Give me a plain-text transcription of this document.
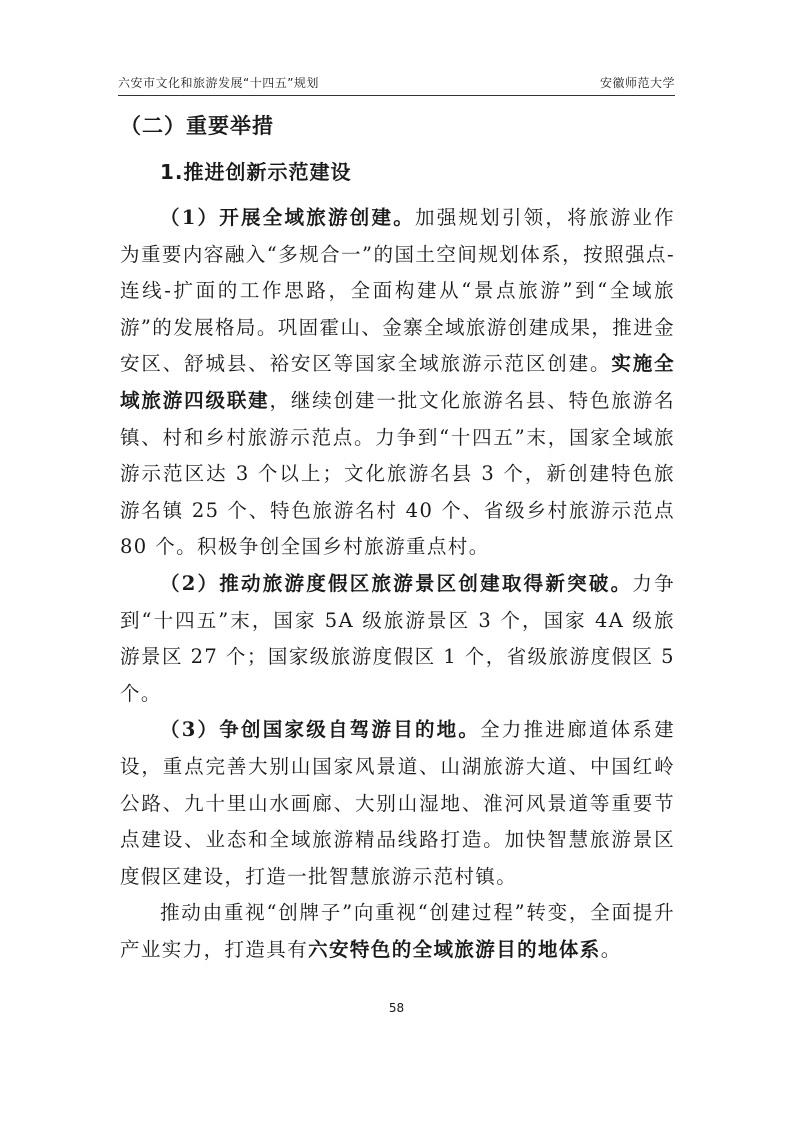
六安市文化和旅游发展“十四五”规划	安徽师范大学
（二）重要举措
1.推进创新示范建设

（1）开展全域旅游创建。加强规划引领，将旅游业作为重要内容融入“多规合一”的国土空间规划体系，按照强点-连线-扩面的工作思路，全面构建从“景点旅游”到“全域旅游”的发展格局。巩固霍山、金寨全域旅游创建成果，推进金安区、舒城县、裕安区等国家全域旅游示范区创建。实施全域旅游四级联建，继续创建一批文化旅游名县、特色旅游名镇、村和乡村旅游示范点。力争到“十四五”末，国家全域旅游示范区达 3 个以上；文化旅游名县 3 个，新创建特色旅游名镇 25 个、特色旅游名村 40 个、省级乡村旅游示范点 80 个。积极争创全国乡村旅游重点村。

（2）推动旅游度假区旅游景区创建取得新突破。力争到“十四五”末，国家 5A 级旅游景区 3 个，国家 4A 级旅游景区 27 个；国家级旅游度假区 1 个，省级旅游度假区 5 个。

（3）争创国家级自驾游目的地。全力推进廊道体系建设，重点完善大别山国家风景道、山湖旅游大道、中国红岭公路、九十里山水画廊、大别山湿地、淮河风景道等重要节点建设、业态和全域旅游精品线路打造。加快智慧旅游景区度假区建设，打造一批智慧旅游示范村镇。

推动由重视“创牌子”向重视“创建过程”转变，全面提升产业实力，打造具有六安特色的全域旅游目的地体系。

58
